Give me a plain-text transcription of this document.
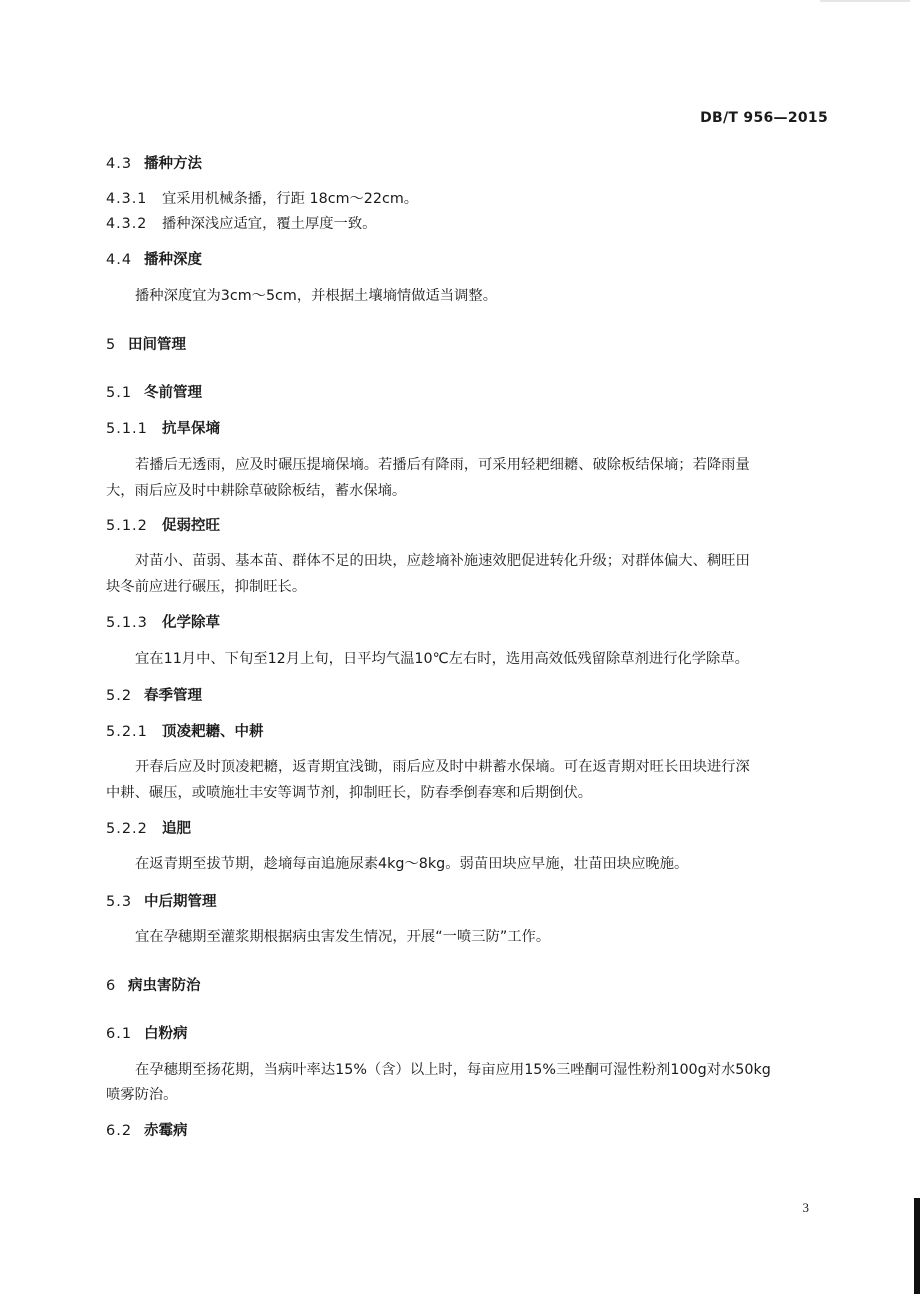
DB/T 956—2015
4.3 播种方法
4.3.1 宜采用机械条播，行距 18cm～22cm。
4.3.2 播种深浅应适宜，覆土厚度一致。
4.4 播种深度
播种深度宜为3cm～5cm，并根据土壤墒情做适当调整。
5 田间管理
5.1 冬前管理
5.1.1 抗旱保墒
若播后无透雨，应及时碾压提墒保墒。若播后有降雨，可采用轻耙细耱、破除板结保墒；若降雨量
大，雨后应及时中耕除草破除板结，蓄水保墒。
5.1.2 促弱控旺
对苗小、苗弱、基本苗、群体不足的田块，应趁墒补施速效肥促进转化升级；对群体偏大、稠旺田
块冬前应进行碾压，抑制旺长。
5.1.3 化学除草
宜在11月中、下旬至12月上旬，日平均气温10℃左右时，选用高效低残留除草剂进行化学除草。
5.2 春季管理
5.2.1 顶凌耙耱、中耕
开春后应及时顶凌耙耱，返青期宜浅锄，雨后应及时中耕蓄水保墒。可在返青期对旺长田块进行深
中耕、碾压，或喷施壮丰安等调节剂，抑制旺长，防春季倒春寒和后期倒伏。
5.2.2 追肥
在返青期至拔节期，趁墒每亩追施尿素4kg～8kg。弱苗田块应早施，壮苗田块应晚施。
5.3 中后期管理
宜在孕穗期至灌浆期根据病虫害发生情况，开展“一喷三防”工作。
6 病虫害防治
6.1 白粉病
在孕穗期至扬花期，当病叶率达15%（含）以上时，每亩应用15%三唑酮可湿性粉剂100g对水50kg
喷雾防治。
6.2 赤霉病
3
